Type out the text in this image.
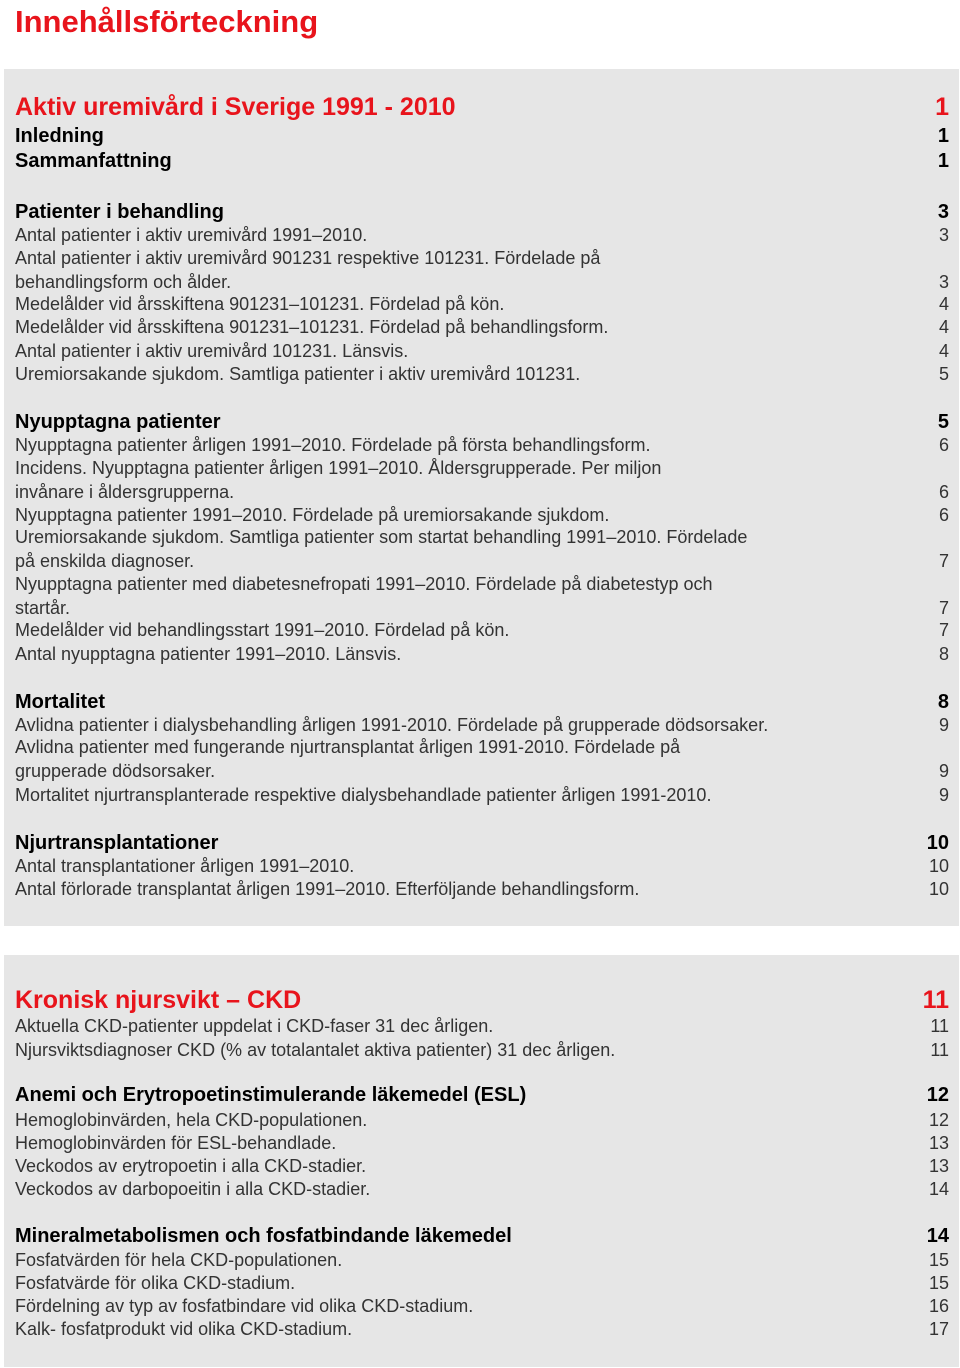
Innehållsförteckning
Aktiv uremivård i Sverige 1991 - 2010	1
Inledning	1
Sammanfattning	1
Patienter i behandling	3
Antal patienter i aktiv uremivård 1991–2010.	3
Antal patienter i aktiv uremivård 901231 respektive 101231. Fördelade på
behandlingsform och ålder.	3
Medelålder vid årsskiftena 901231–101231. Fördelad på kön.	4
Medelålder vid årsskiftena 901231–101231. Fördelad på behandlingsform.	4
Antal patienter i aktiv uremivård 101231. Länsvis.	4
Uremiorsakande sjukdom. Samtliga patienter i aktiv uremivård 101231.	5
Nyupptagna patienter	5
Nyupptagna patienter årligen 1991–2010. Fördelade på första behandlingsform.	6
Incidens. Nyupptagna patienter årligen 1991–2010. Åldersgrupperade. Per miljon
invånare i åldersgrupperna.	6
Nyupptagna patienter 1991–2010. Fördelade på uremiorsakande sjukdom.	6
Uremiorsakande sjukdom. Samtliga patienter som startat behandling 1991–2010. Fördelade
på enskilda diagnoser.	7
Nyupptagna patienter med diabetesnefropati 1991–2010. Fördelade på diabetestyp och
startår.	7
Medelålder vid behandlingsstart 1991–2010. Fördelad på kön.	7
Antal nyupptagna patienter 1991–2010. Länsvis.	8
Mortalitet	8
Avlidna patienter i dialysbehandling årligen 1991-2010. Fördelade på grupperade dödsorsaker.	9
Avlidna patienter med fungerande njurtransplantat årligen 1991-2010. Fördelade på
grupperade dödsorsaker.	9
Mortalitet njurtransplanterade respektive dialysbehandlade patienter årligen 1991-2010.	9
Njurtransplantationer	10
Antal transplantationer årligen 1991–2010.	10
Antal förlorade transplantat årligen 1991–2010. Efterföljande behandlingsform.	10
Kronisk njursvikt – CKD	11
Aktuella CKD-patienter uppdelat i CKD-faser 31 dec årligen.	11
Njursviktsdiagnoser CKD (% av totalantalet aktiva patienter) 31 dec årligen.	11
Anemi och Erytropoetinstimulerande läkemedel (ESL)	12
Hemoglobinvärden, hela CKD-populationen.	12
Hemoglobinvärden för ESL-behandlade.	13
Veckodos av erytropoetin i alla CKD-stadier.	13
Veckodos av darbopoeitin i alla CKD-stadier.	14
Mineralmetabolismen och fosfatbindande läkemedel	14
Fosfatvärden för hela CKD-populationen.	15
Fosfatvärde för olika CKD-stadium.	15
Fördelning av typ av fosfatbindare vid olika CKD-stadium.	16
Kalk- fosfatprodukt vid olika CKD-stadium.	17
